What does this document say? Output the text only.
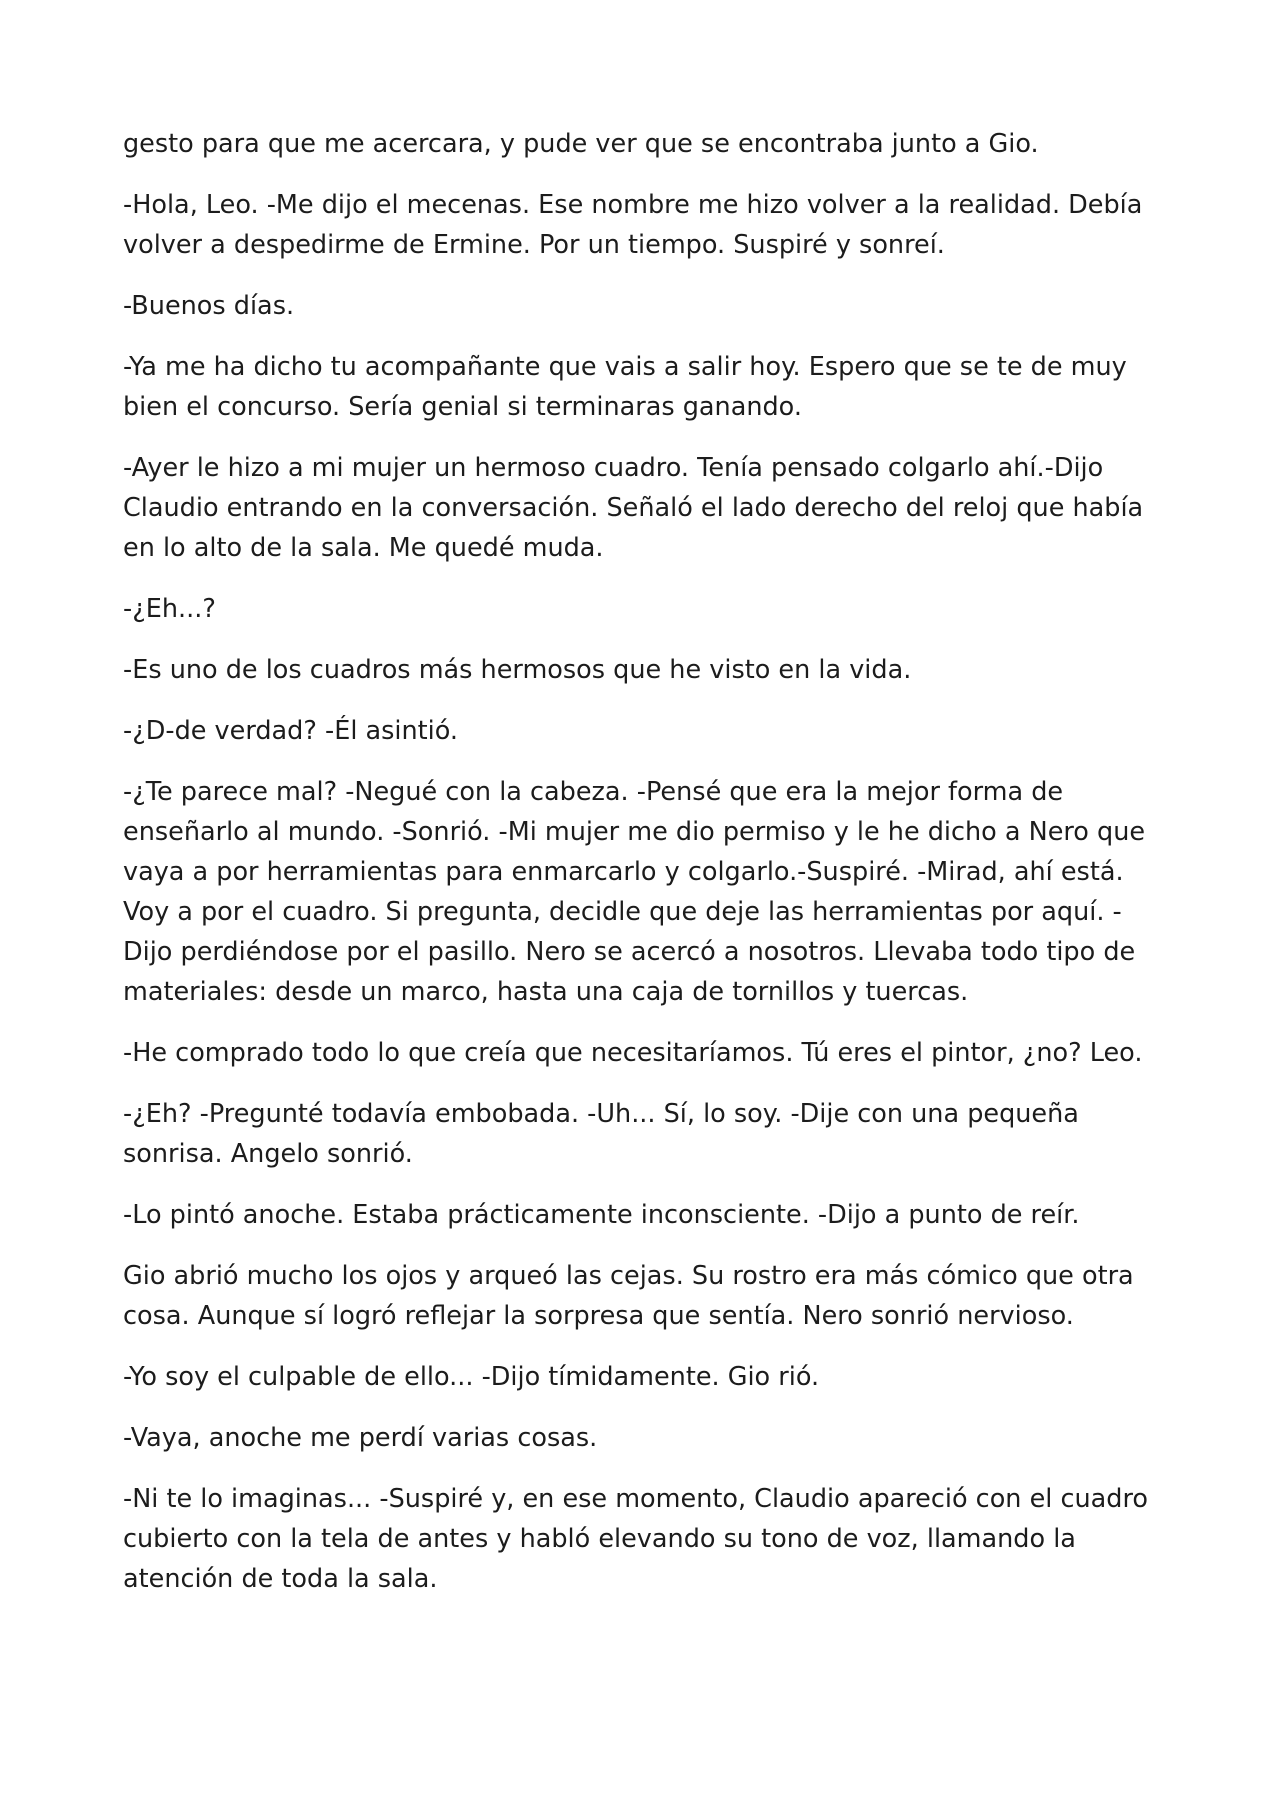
gesto para que me acercara, y pude ver que se encontraba junto a Gio.

-Hola, Leo. -Me dijo el mecenas. Ese nombre me hizo volver a la realidad. Debía volver a despedirme de Ermine. Por un tiempo. Suspiré y sonreí.

-Buenos días.

-Ya me ha dicho tu acompañante que vais a salir hoy. Espero que se te de muy bien el concurso. Sería genial si terminaras ganando.

-Ayer le hizo a mi mujer un hermoso cuadro. Tenía pensado colgarlo ahí.-Dijo Claudio entrando en la conversación. Señaló el lado derecho del reloj que había en lo alto de la sala. Me quedé muda.

-¿Eh...?

-Es uno de los cuadros más hermosos que he visto en la vida.

-¿D-de verdad? -Él asintió.

-¿Te parece mal? -Negué con la cabeza. -Pensé que era la mejor forma de enseñarlo al mundo. -Sonrió. -Mi mujer me dio permiso y le he dicho a Nero que vaya a por herramientas para enmarcarlo y colgarlo.-Suspiré. -Mirad, ahí está. Voy a por el cuadro. Si pregunta, decidle que deje las herramientas por aquí. -Dijo perdiéndose por el pasillo. Nero se acercó a nosotros. Llevaba todo tipo de materiales: desde un marco, hasta una caja de tornillos y tuercas.

-He comprado todo lo que creía que necesitaríamos. Tú eres el pintor, ¿no? Leo.

-¿Eh? -Pregunté todavía embobada. -Uh... Sí, lo soy. -Dije con una pequeña sonrisa. Angelo sonrió.

-Lo pintó anoche. Estaba prácticamente inconsciente. -Dijo a punto de reír.

Gio abrió mucho los ojos y arqueó las cejas. Su rostro era más cómico que otra cosa. Aunque sí logró reflejar la sorpresa que sentía. Nero sonrió nervioso.

-Yo soy el culpable de ello... -Dijo tímidamente. Gio rió.

-Vaya, anoche me perdí varias cosas.

-Ni te lo imaginas... -Suspiré y, en ese momento, Claudio apareció con el cuadro cubierto con la tela de antes y habló elevando su tono de voz, llamando la atención de toda la sala.
